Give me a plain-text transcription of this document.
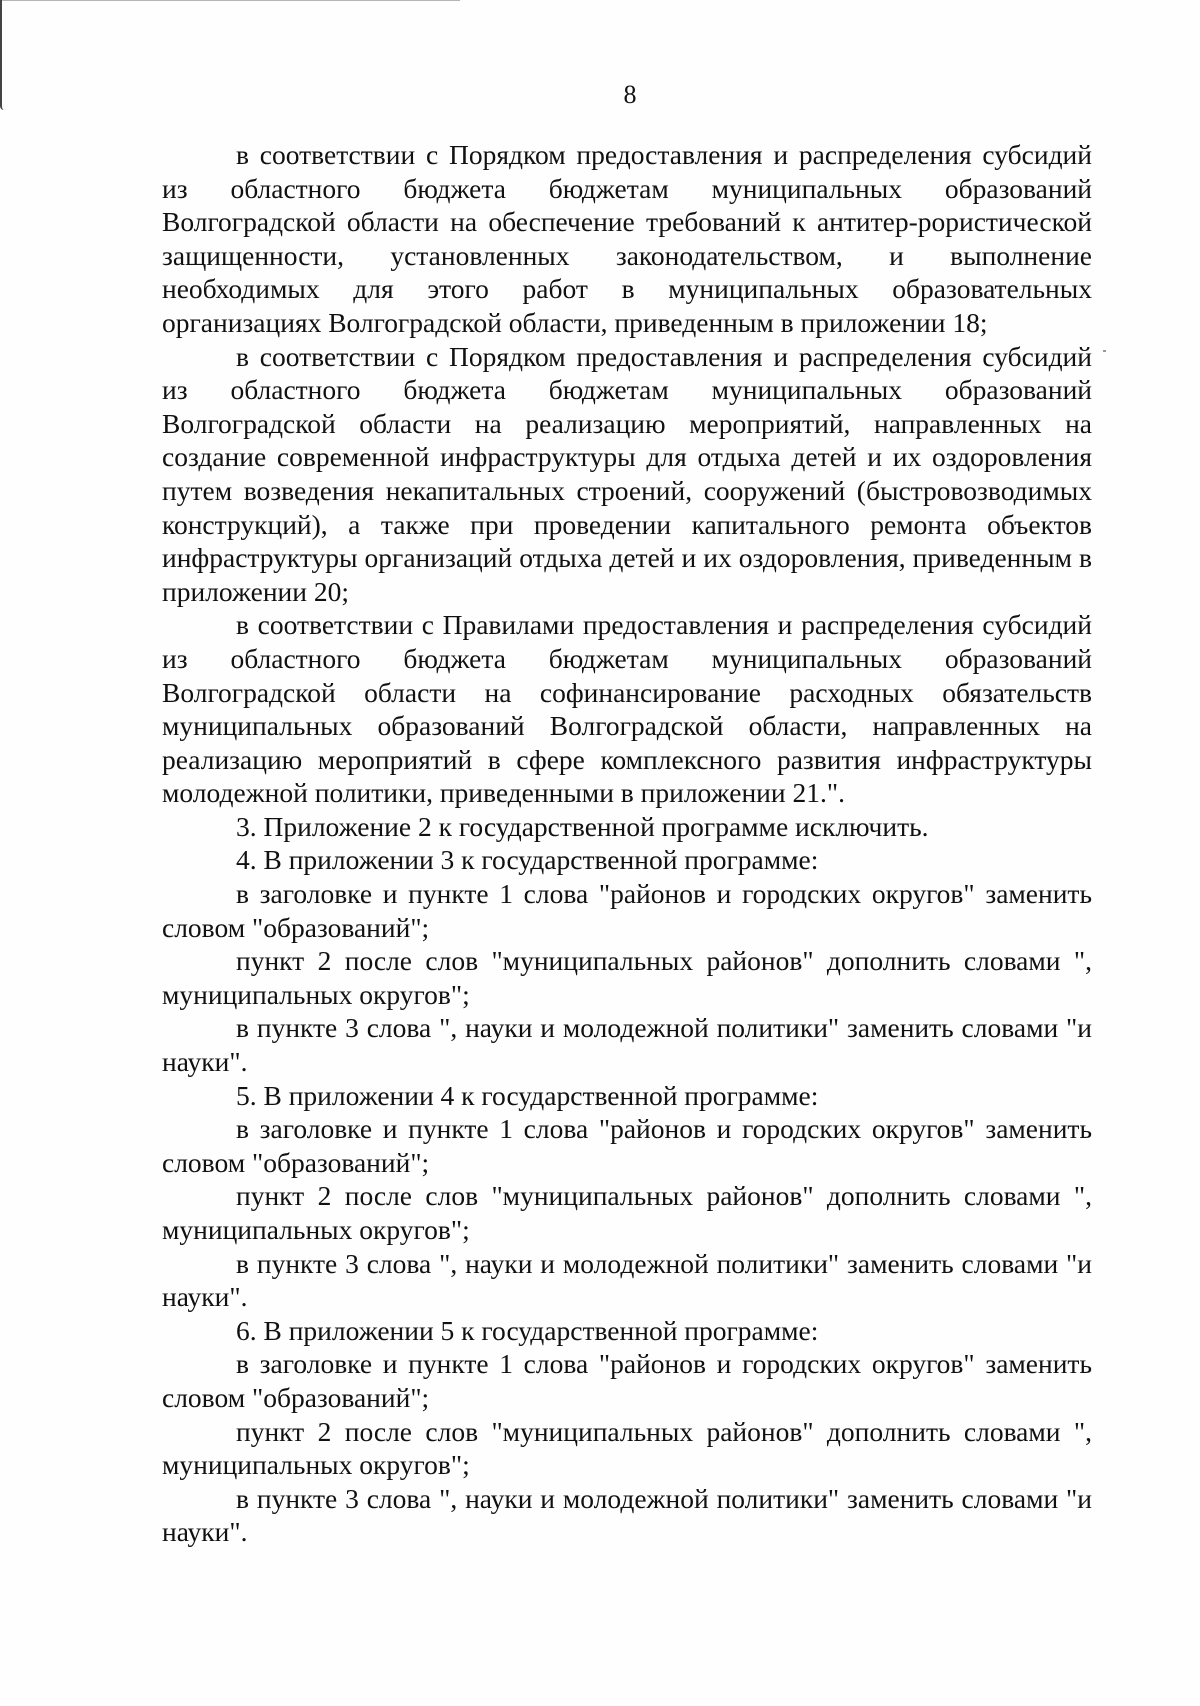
8

в соответствии с Порядком предоставления и распределения субсидий из областного бюджета бюджетам муниципальных образований Волгоградской области на обеспечение требований к антитер-рористической защищенности, установленных законодательством, и выполнение необходимых для этого работ в муниципальных образовательных организациях Волгоградской области, приведенным в приложении 18;

в соответствии с Порядком предоставления и распределения субсидий из областного бюджета бюджетам муниципальных образований Волгоградской области на реализацию мероприятий, направленных на создание современной инфраструктуры для отдыха детей и их оздоровления путем возведения некапитальных строений, сооружений (быстровозводимых конструкций), а также при проведении капитального ремонта объектов инфраструктуры организаций отдыха детей и их оздоровления, приведенным в приложении 20;

в соответствии с Правилами предоставления и распределения субсидий из областного бюджета бюджетам муниципальных образований Волгоградской области на софинансирование расходных обязательств муниципальных образований Волгоградской области, направленных на реализацию мероприятий в сфере комплексного развития инфраструктуры молодежной политики, приведенными в приложении 21.".

3. Приложение 2 к государственной программе исключить.

4. В приложении 3 к государственной программе:

в заголовке и пункте 1 слова "районов и городских округов" заменить словом "образований";

пункт 2 после слов "муниципальных районов" дополнить словами ", муниципальных округов";

в пункте 3 слова ", науки и молодежной политики" заменить словами "и науки".

5. В приложении 4 к государственной программе:

в заголовке и пункте 1 слова "районов и городских округов" заменить словом "образований";

пункт 2 после слов "муниципальных районов" дополнить словами ", муниципальных округов";

в пункте 3 слова ", науки и молодежной политики" заменить словами "и науки".

6. В приложении 5 к государственной программе:

в заголовке и пункте 1 слова "районов и городских округов" заменить словом "образований";

пункт 2 после слов "муниципальных районов" дополнить словами ", муниципальных округов";

в пункте 3 слова ", науки и молодежной политики" заменить словами "и науки".
